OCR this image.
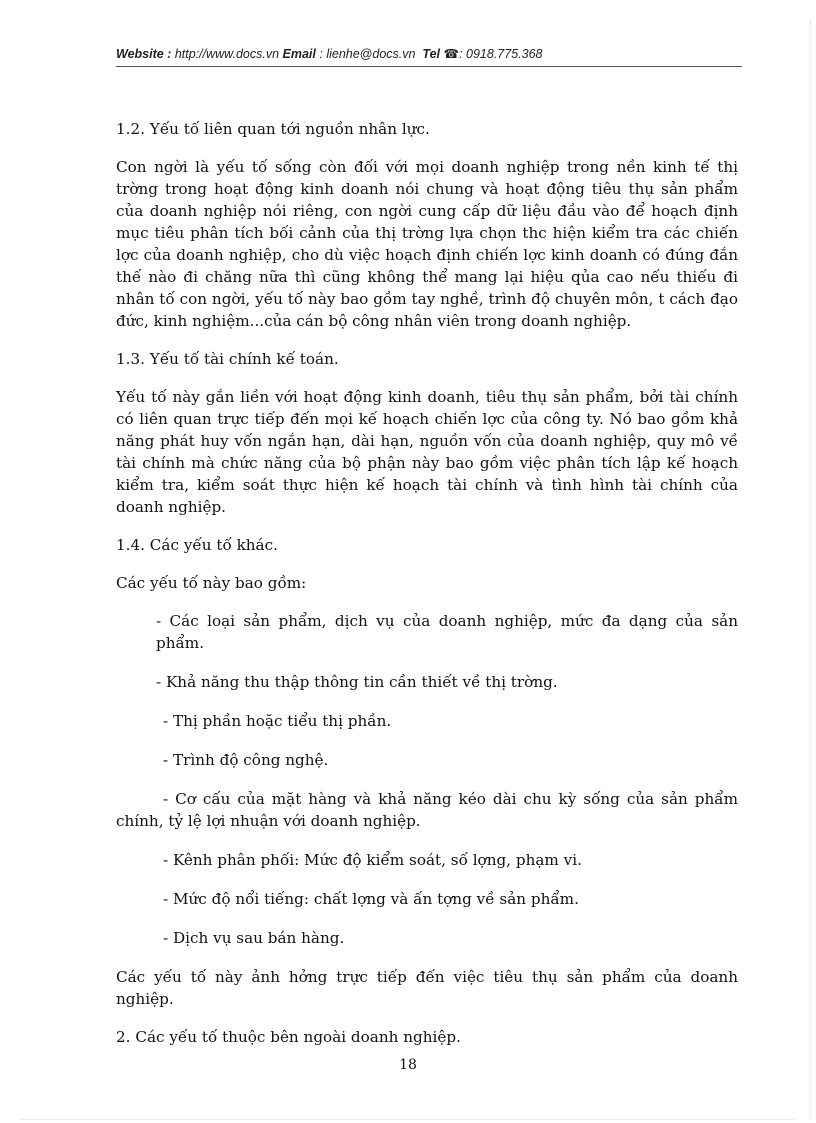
Website : http://www.docs.vn Email : lienhe@docs.vn Tel ☎: 0918.775.368

1.2. Yếu tố liên quan tới nguồn nhân lực.

Con ngời là yếu tố sống còn đối với mọi doanh nghiệp trong nền kinh tế thị trờng trong hoạt động kinh doanh nói chung và hoạt động tiêu thụ sản phẩm của doanh nghiệp nói riêng, con ngời cung cấp dữ liệu đầu vào để hoạch định mục tiêu phân tích bối cảnh của thị trờng lựa chọn thc hiện kiểm tra các chiến lợc của doanh nghiệp, cho dù việc hoạch định chiến lợc kinh doanh có đúng đắn thế nào đi chăng nữa thì cũng không thể mang lại hiệu qủa cao nếu thiếu đi nhân tố con ngời, yếu tố này bao gồm tay nghề, trình độ chuyên môn, t cách đạo đức, kinh nghiệm...của cán bộ công nhân viên trong doanh nghiệp.

1.3. Yếu tố tài chính kế toán.

Yếu tố này gắn liền với hoạt động kinh doanh, tiêu thụ sản phẩm, bởi tài chính có liên quan trực tiếp đến mọi kế hoạch chiến lợc của công ty. Nó bao gồm khả năng phát huy vốn ngắn hạn, dài hạn, nguồn vốn của doanh nghiệp, quy mô về tài chính mà chức năng của bộ phận này bao gồm việc phân tích lập kế hoạch kiểm tra, kiểm soát thực hiện kế hoạch tài chính và tình hình tài chính của doanh nghiệp.

1.4. Các yếu tố khác.

Các yếu tố này bao gồm:

- Các loại sản phẩm, dịch vụ của doanh nghiệp, mức đa dạng của sản phẩm.

- Khả năng thu thập thông tin cần thiết về thị trờng.

- Thị phần hoặc tiểu thị phần.

- Trình độ công nghệ.

- Cơ cấu của mặt hàng và khả năng kéo dài chu kỳ sống của sản phẩm chính, tỷ lệ lợi nhuận với doanh nghiệp.

- Kênh phân phối: Mức độ kiểm soát, số lợng, phạm vi.

- Mức độ nổi tiếng: chất lợng và ấn tợng về sản phẩm.

- Dịch vụ sau bán hàng.

Các yếu tố này ảnh hởng trực tiếp đến việc tiêu thụ sản phẩm của doanh nghiệp.

2. Các yếu tố thuộc bên ngoài doanh nghiệp.

18
